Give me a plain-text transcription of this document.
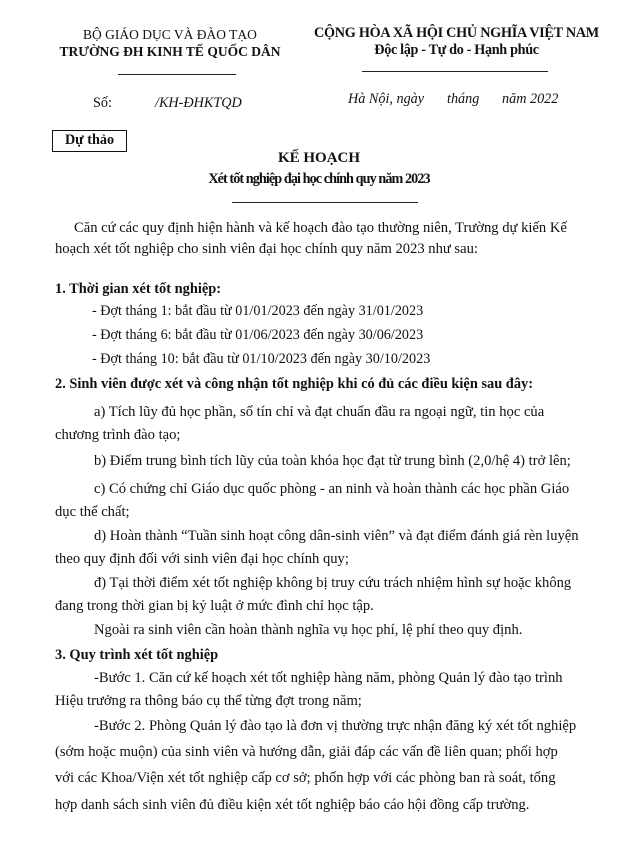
BỘ GIÁO DỤC VÀ ĐÀO TẠO
TRƯỜNG ĐH KINH TẾ QUỐC DÂN
CỘNG HÒA XÃ HỘI CHỦ NGHĨA VIỆT NAM
Độc lập - Tự do - Hạnh phúc
Số:	/KH-ĐHKTQD	Hà Nội, ngày tháng năm 2022
Dự thảo
KẾ HOẠCH
Xét tốt nghiệp đại học chính quy năm 2023
Căn cứ các quy định hiện hành và kế hoạch đào tạo thường niên, Trường dự kiến Kế
hoạch xét tốt nghiệp cho sinh viên đại học chính quy năm 2023 như sau:
1. Thời gian xét tốt nghiệp:
- Đợt tháng 1: bắt đầu từ 01/01/2023 đến ngày 31/01/2023
- Đợt tháng 6: bắt đầu từ 01/06/2023 đến ngày 30/06/2023
- Đợt tháng 10: bắt đầu từ 01/10/2023 đến ngày 30/10/2023
2. Sinh viên được xét và công nhận tốt nghiệp khi có đủ các điều kiện sau đây:
a) Tích lũy đủ học phần, số tín chỉ và đạt chuẩn đầu ra ngoại ngữ, tin học của
chương trình đào tạo;
b) Điểm trung bình tích lũy của toàn khóa học đạt từ trung bình (2,0/hệ 4) trở lên;
c) Có chứng chỉ Giáo dục quốc phòng - an ninh và hoàn thành các học phần Giáo
dục thể chất;
d) Hoàn thành “Tuần sinh hoạt công dân-sinh viên” và đạt điểm đánh giá rèn luyện
theo quy định đối với sinh viên đại học chính quy;
đ) Tại thời điểm xét tốt nghiệp không bị truy cứu trách nhiệm hình sự hoặc không
đang trong thời gian bị kỷ luật ở mức đình chỉ học tập.
Ngoài ra sinh viên cần hoàn thành nghĩa vụ học phí, lệ phí theo quy định.
3. Quy trình xét tốt nghiệp
-Bước 1. Căn cứ kế hoạch xét tốt nghiệp hàng năm, phòng Quản lý đào tạo trình
Hiệu trưởng ra thông báo cụ thể từng đợt trong năm;
-Bước 2. Phòng Quản lý đào tạo là đơn vị thường trực nhận đăng ký xét tốt nghiệp
(sớm hoặc muộn) của sinh viên và hướng dẫn, giải đáp các vấn đề liên quan; phối hợp
với các Khoa/Viện xét tốt nghiệp cấp cơ sở; phốn hợp với các phòng ban rà soát, tổng
hợp danh sách sinh viên đủ điều kiện xét tốt nghiệp báo cáo hội đồng cấp trường.
